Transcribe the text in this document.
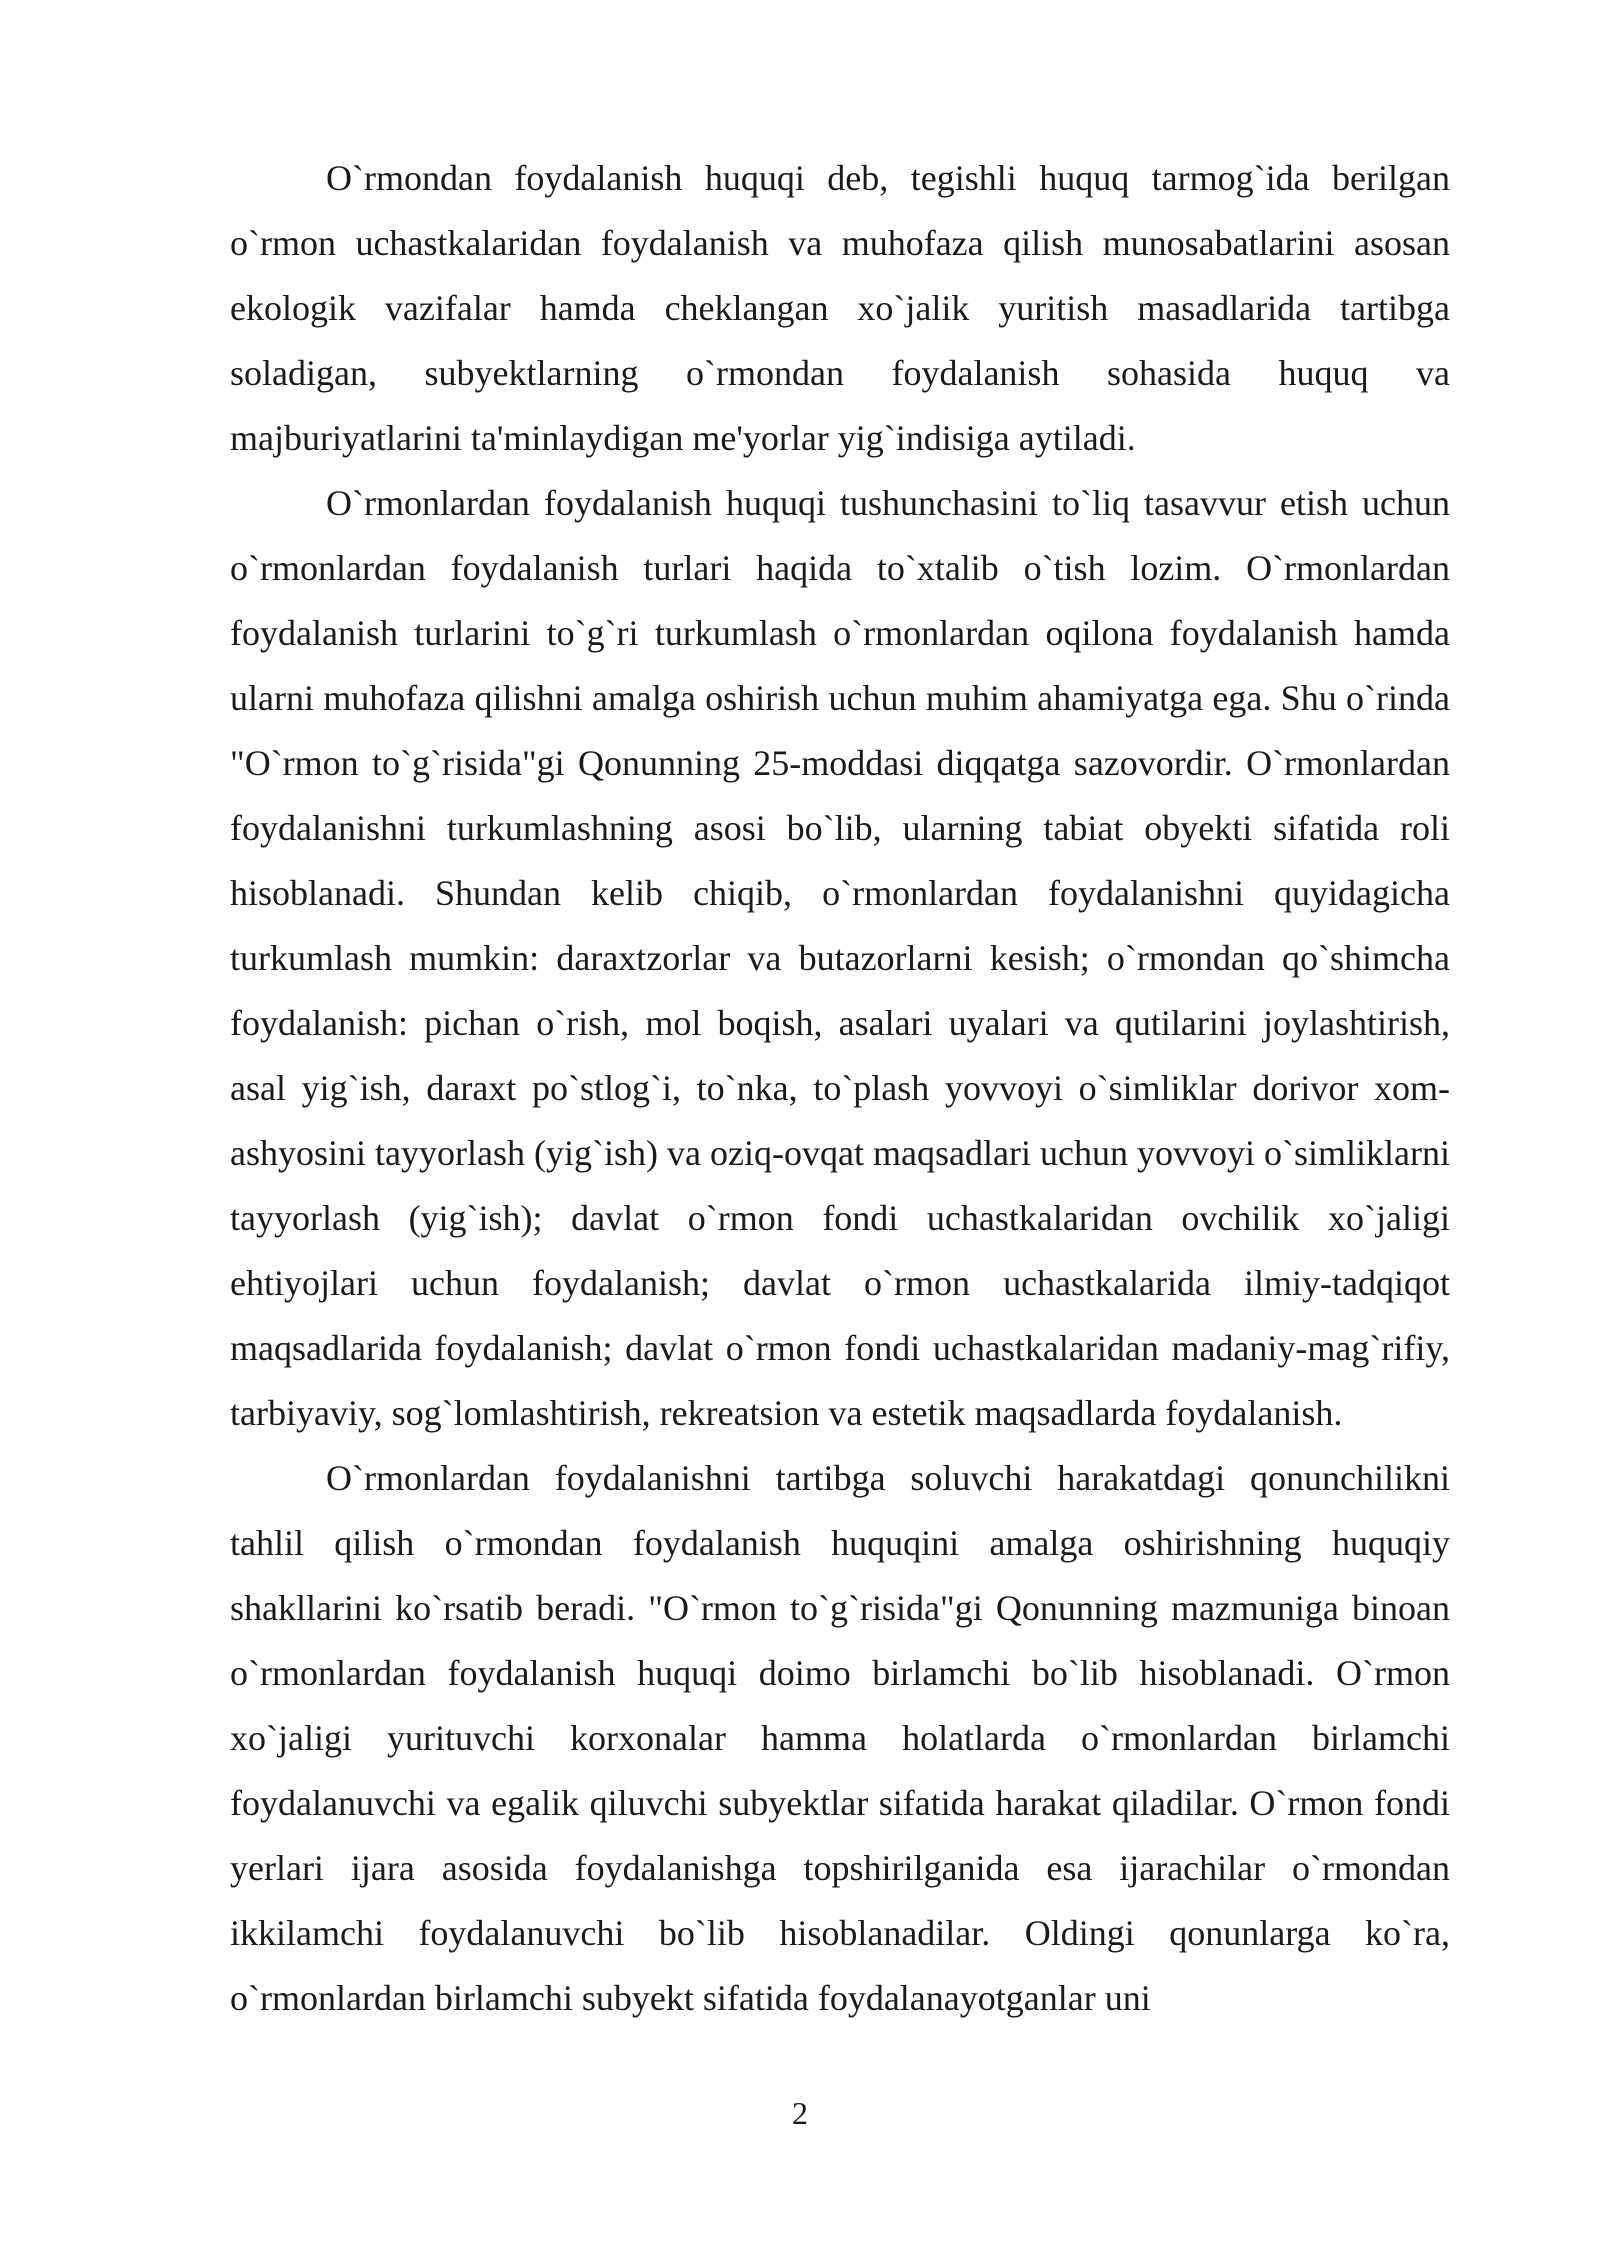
O`rmondan foydalanish huquqi deb, tegishli huquq tarmog`ida berilgan o`rmon uchastkalaridan foydalanish va muhofaza qilish munosabatlarini asosan ekologik vazifalar hamda cheklangan xo`jalik yuritish masadlarida tartibga soladigan, subyektlarning o`rmondan foydalanish sohasida huquq va majburiyatlarini ta'minlaydigan me'yorlar yig`indisiga aytiladi.

O`rmonlardan foydalanish huquqi tushunchasini to`liq tasavvur etish uchun o`rmonlardan foydalanish turlari haqida to`xtalib o`tish lozim. O`rmonlardan foydalanish turlarini to`g`ri turkumlash o`rmonlardan oqilona foydalanish hamda ularni muhofaza qilishni amalga oshirish uchun muhim ahamiyatga ega. Shu o`rinda "O`rmon to`g`risida"gi Qonunning 25-moddasi diqqatga sazovordir. O`rmonlardan foydalanishni turkumlashning asosi bo`lib, ularning tabiat obyekti sifatida roli hisoblanadi. Shundan kelib chiqib, o`rmonlardan foydalanishni quyidagicha turkumlash mumkin: daraxtzorlar va butazorlarni kesish; o`rmondan qo`shimcha foydalanish: pichan o`rish, mol boqish, asalari uyalari va qutilarini joylashtirish, asal yig`ish, daraxt po`stlog`i, to`nka, to`plash yovvoyi o`simliklar dorivor xom-ashyosini tayyorlash (yig`ish) va oziq-ovqat maqsadlari uchun yovvoyi o`simliklarni tayyorlash (yig`ish); davlat o`rmon fondi uchastkalaridan ovchilik xo`jaligi ehtiyojlari uchun foydalanish; davlat o`rmon uchastkalarida ilmiy-tadqiqot maqsadlarida foydalanish; davlat o`rmon fondi uchastkalaridan madaniy-mag`rifiy, tarbiyaviy, sog`lomlashtirish, rekreatsion va estetik maqsadlarda foydalanish.

O`rmonlardan foydalanishni tartibga soluvchi harakatdagi qonunchilikni tahlil qilish o`rmondan foydalanish huquqini amalga oshirishning huquqiy shakllarini ko`rsatib beradi. "O`rmon to`g`risida"gi Qonunning mazmuniga binoan o`rmonlardan foydalanish huquqi doimo birlamchi bo`lib hisoblanadi. O`rmon xo`jaligi yurituvchi korxonalar hamma holatlarda o`rmonlardan birlamchi foydalanuvchi va egalik qiluvchi subyektlar sifatida harakat qiladilar. O`rmon fondi yerlari ijara asosida foydalanishga topshirilganida esa ijarachilar o`rmondan ikkilamchi foydalanuvchi bo`lib hisoblanadilar. Oldingi qonunlarga ko`ra, o`rmonlardan birlamchi subyekt sifatida foydalanayotganlar uni

2
